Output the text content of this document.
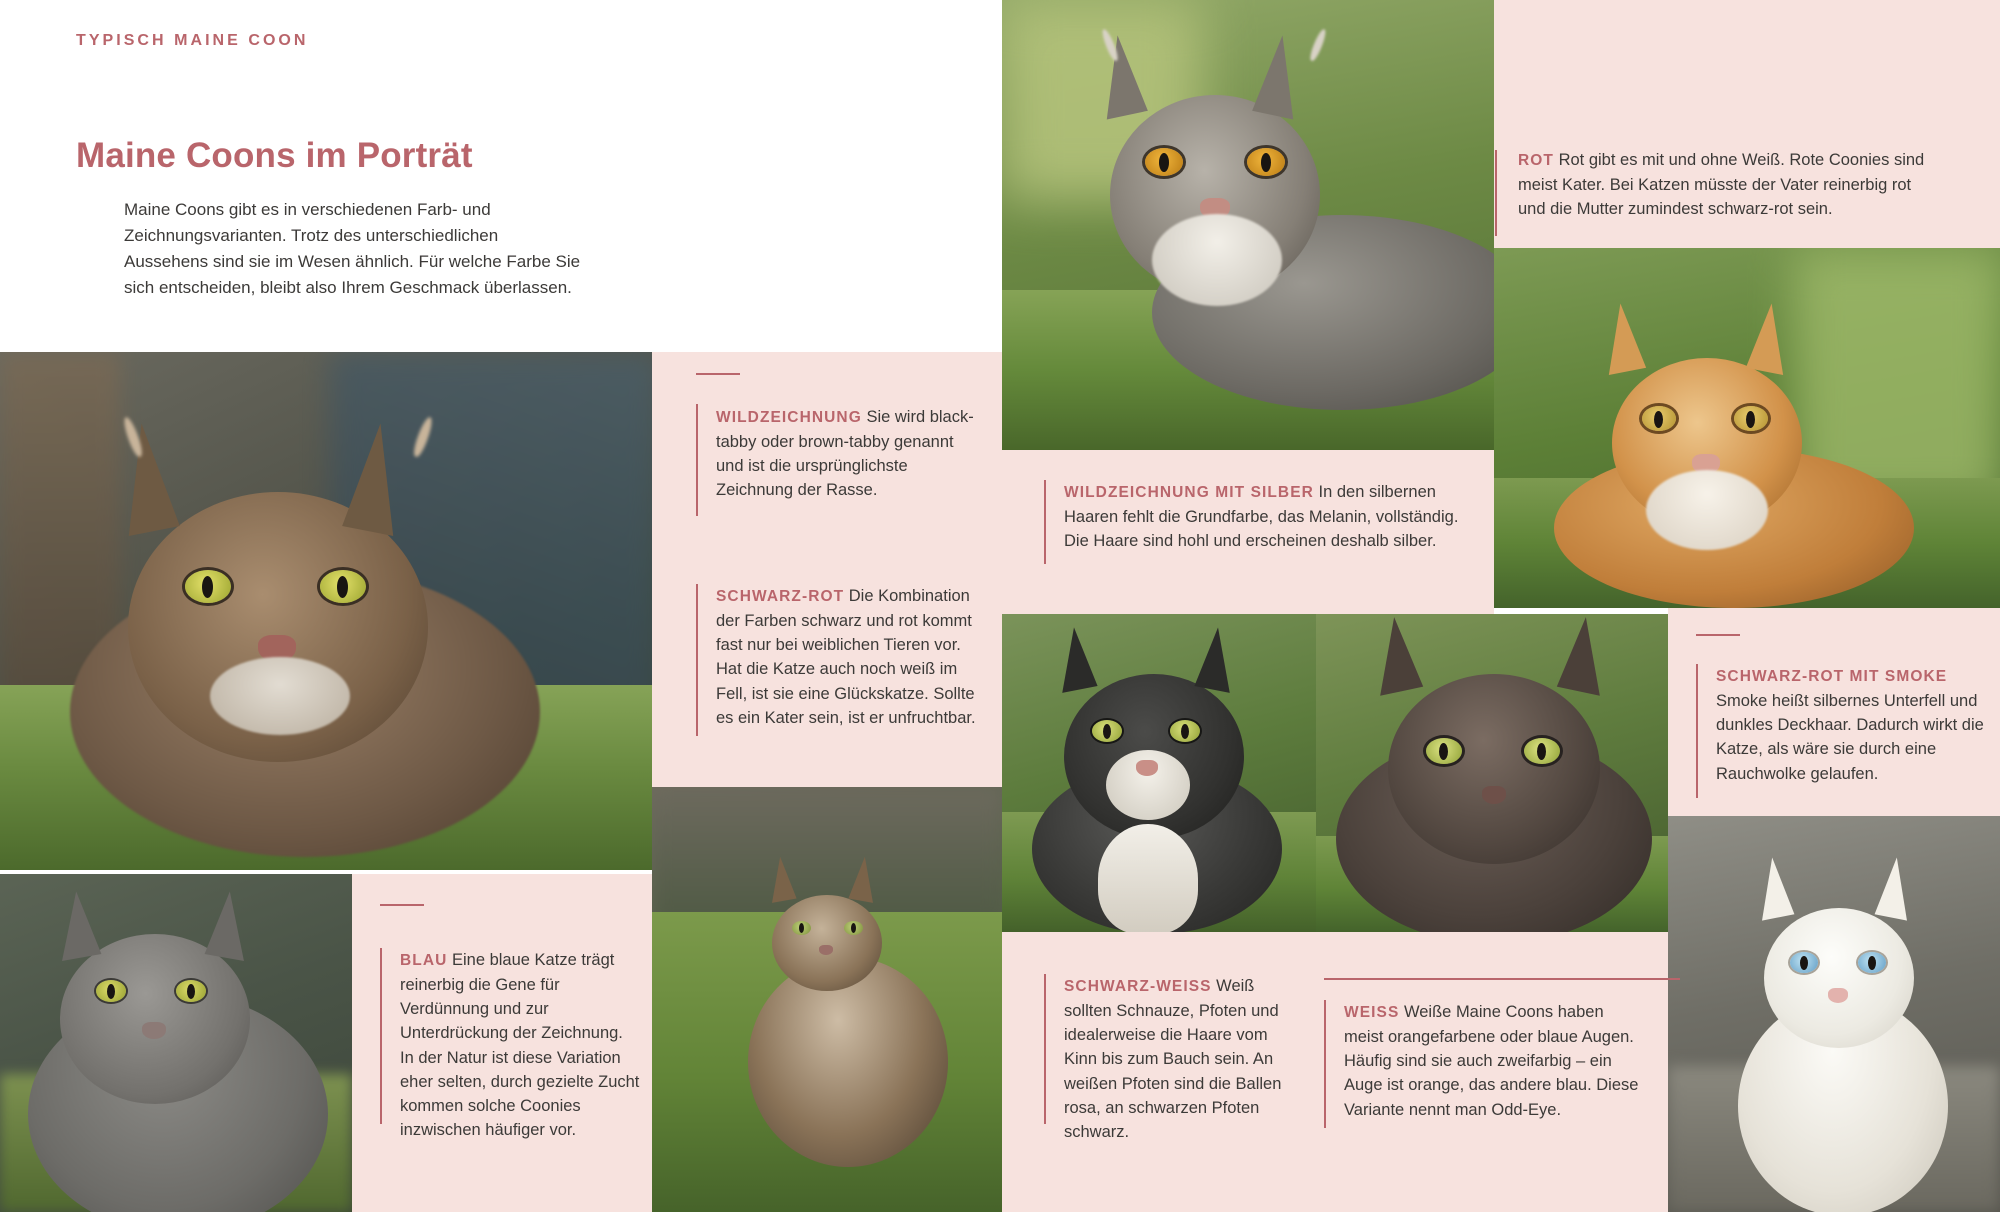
TYPISCH MAINE COON
Maine Coons im Porträt
Maine Coons gibt es in verschiedenen Farb- und Zeichnungsvarianten. Trotz des unterschiedlichen Aussehens sind sie im Wesen ähnlich. Für welche Farbe Sie sich entscheiden, bleibt also Ihrem Geschmack überlassen.
WILDZEICHNUNG Sie wird black-tabby oder brown-tabby genannt und ist die ursprünglichste Zeichnung der Rasse.
SCHWARZ-ROT Die Kombination der Farben schwarz und rot kommt fast nur bei weiblichen Tieren vor. Hat die Katze auch noch weiß im Fell, ist sie eine Glückskatze. Sollte es ein Kater sein, ist er unfruchtbar.
BLAU Eine blaue Katze trägt reinerbig die Gene für Verdünnung und zur Unterdrückung der Zeichnung. In der Natur ist diese Variation eher selten, durch gezielte Zucht kommen solche Coonies inzwischen häufiger vor.
ROT Rot gibt es mit und ohne Weiß. Rote Coonies sind meist Kater. Bei Katzen müsste der Vater reinerbig rot und die Mutter zumindest schwarz-rot sein.
WILDZEICHNUNG MIT SILBER In den silbernen Haaren fehlt die Grundfarbe, das Melanin, vollständig. Die Haare sind hohl und erscheinen deshalb silber.
SCHWARZ-ROT MIT SMOKE Smoke heißt silbernes Unterfell und dunkles Deckhaar. Dadurch wirkt die Katze, als wäre sie durch eine Rauchwolke gelaufen.
SCHWARZ-WEISS Weiß sollten Schnauze, Pfoten und idealerweise die Haare vom Kinn bis zum Bauch sein. An weißen Pfoten sind die Ballen rosa, an schwarzen Pfoten schwarz.
WEISS Weiße Maine Coons haben meist orangefarbene oder blaue Augen. Häufig sind sie auch zweifarbig – ein Auge ist orange, das andere blau. Diese Variante nennt man Odd-Eye.
